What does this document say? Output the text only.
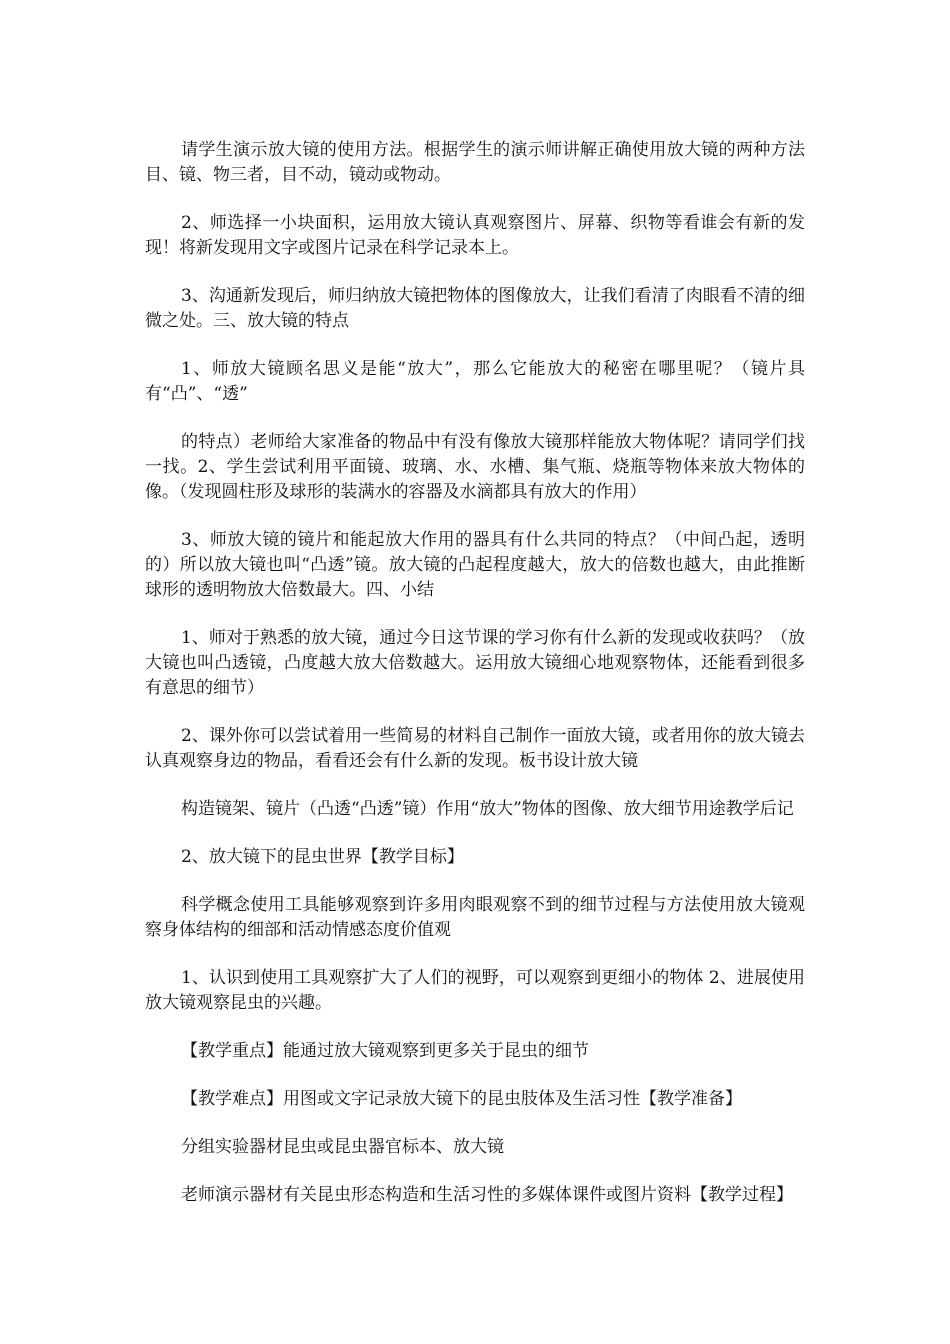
请学生演示放大镜的使用方法。根据学生的演示师讲解正确使用放大镜的两种方法目、镜、物三者，目不动，镜动或物动。

2、师选择一小块面积，运用放大镜认真观察图片、屏幕、织物等看谁会有新的发现！将新发现用文字或图片记录在科学记录本上。

3、沟通新发现后，师归纳放大镜把物体的图像放大，让我们看清了肉眼看不清的细微之处。三、放大镜的特点

1、师放大镜顾名思义是能“放大”，那么它能放大的秘密在哪里呢？（镜片具有“凸”、“透”

的特点）老师给大家准备的物品中有没有像放大镜那样能放大物体呢？请同学们找一找。2、学生尝试利用平面镜、玻璃、水、水槽、集气瓶、烧瓶等物体来放大物体的像。（发现圆柱形及球形的装满水的容器及水滴都具有放大的作用）

3、师放大镜的镜片和能起放大作用的器具有什么共同的特点？（中间凸起，透明的）所以放大镜也叫“凸透”镜。放大镜的凸起程度越大，放大的倍数也越大，由此推断球形的透明物放大倍数最大。四、小结

1、师对于熟悉的放大镜，通过今日这节课的学习你有什么新的发现或收获吗？（放大镜也叫凸透镜，凸度越大放大倍数越大。运用放大镜细心地观察物体，还能看到很多有意思的细节）

2、课外你可以尝试着用一些简易的材料自己制作一面放大镜，或者用你的放大镜去认真观察身边的物品，看看还会有什么新的发现。板书设计放大镜

构造镜架、镜片（凸透“凸透”镜）作用“放大”物体的图像、放大细节用途教学后记

2、放大镜下的昆虫世界【教学目标】

科学概念使用工具能够观察到许多用肉眼观察不到的细节过程与方法使用放大镜观察身体结构的细部和活动情感态度价值观

1、认识到使用工具观察扩大了人们的视野，可以观察到更细小的物体 2、进展使用放大镜观察昆虫的兴趣。

【教学重点】能通过放大镜观察到更多关于昆虫的细节

【教学难点】用图或文字记录放大镜下的昆虫肢体及生活习性【教学准备】

分组实验器材昆虫或昆虫器官标本、放大镜

老师演示器材有关昆虫形态构造和生活习性的多媒体课件或图片资料【教学过程】
